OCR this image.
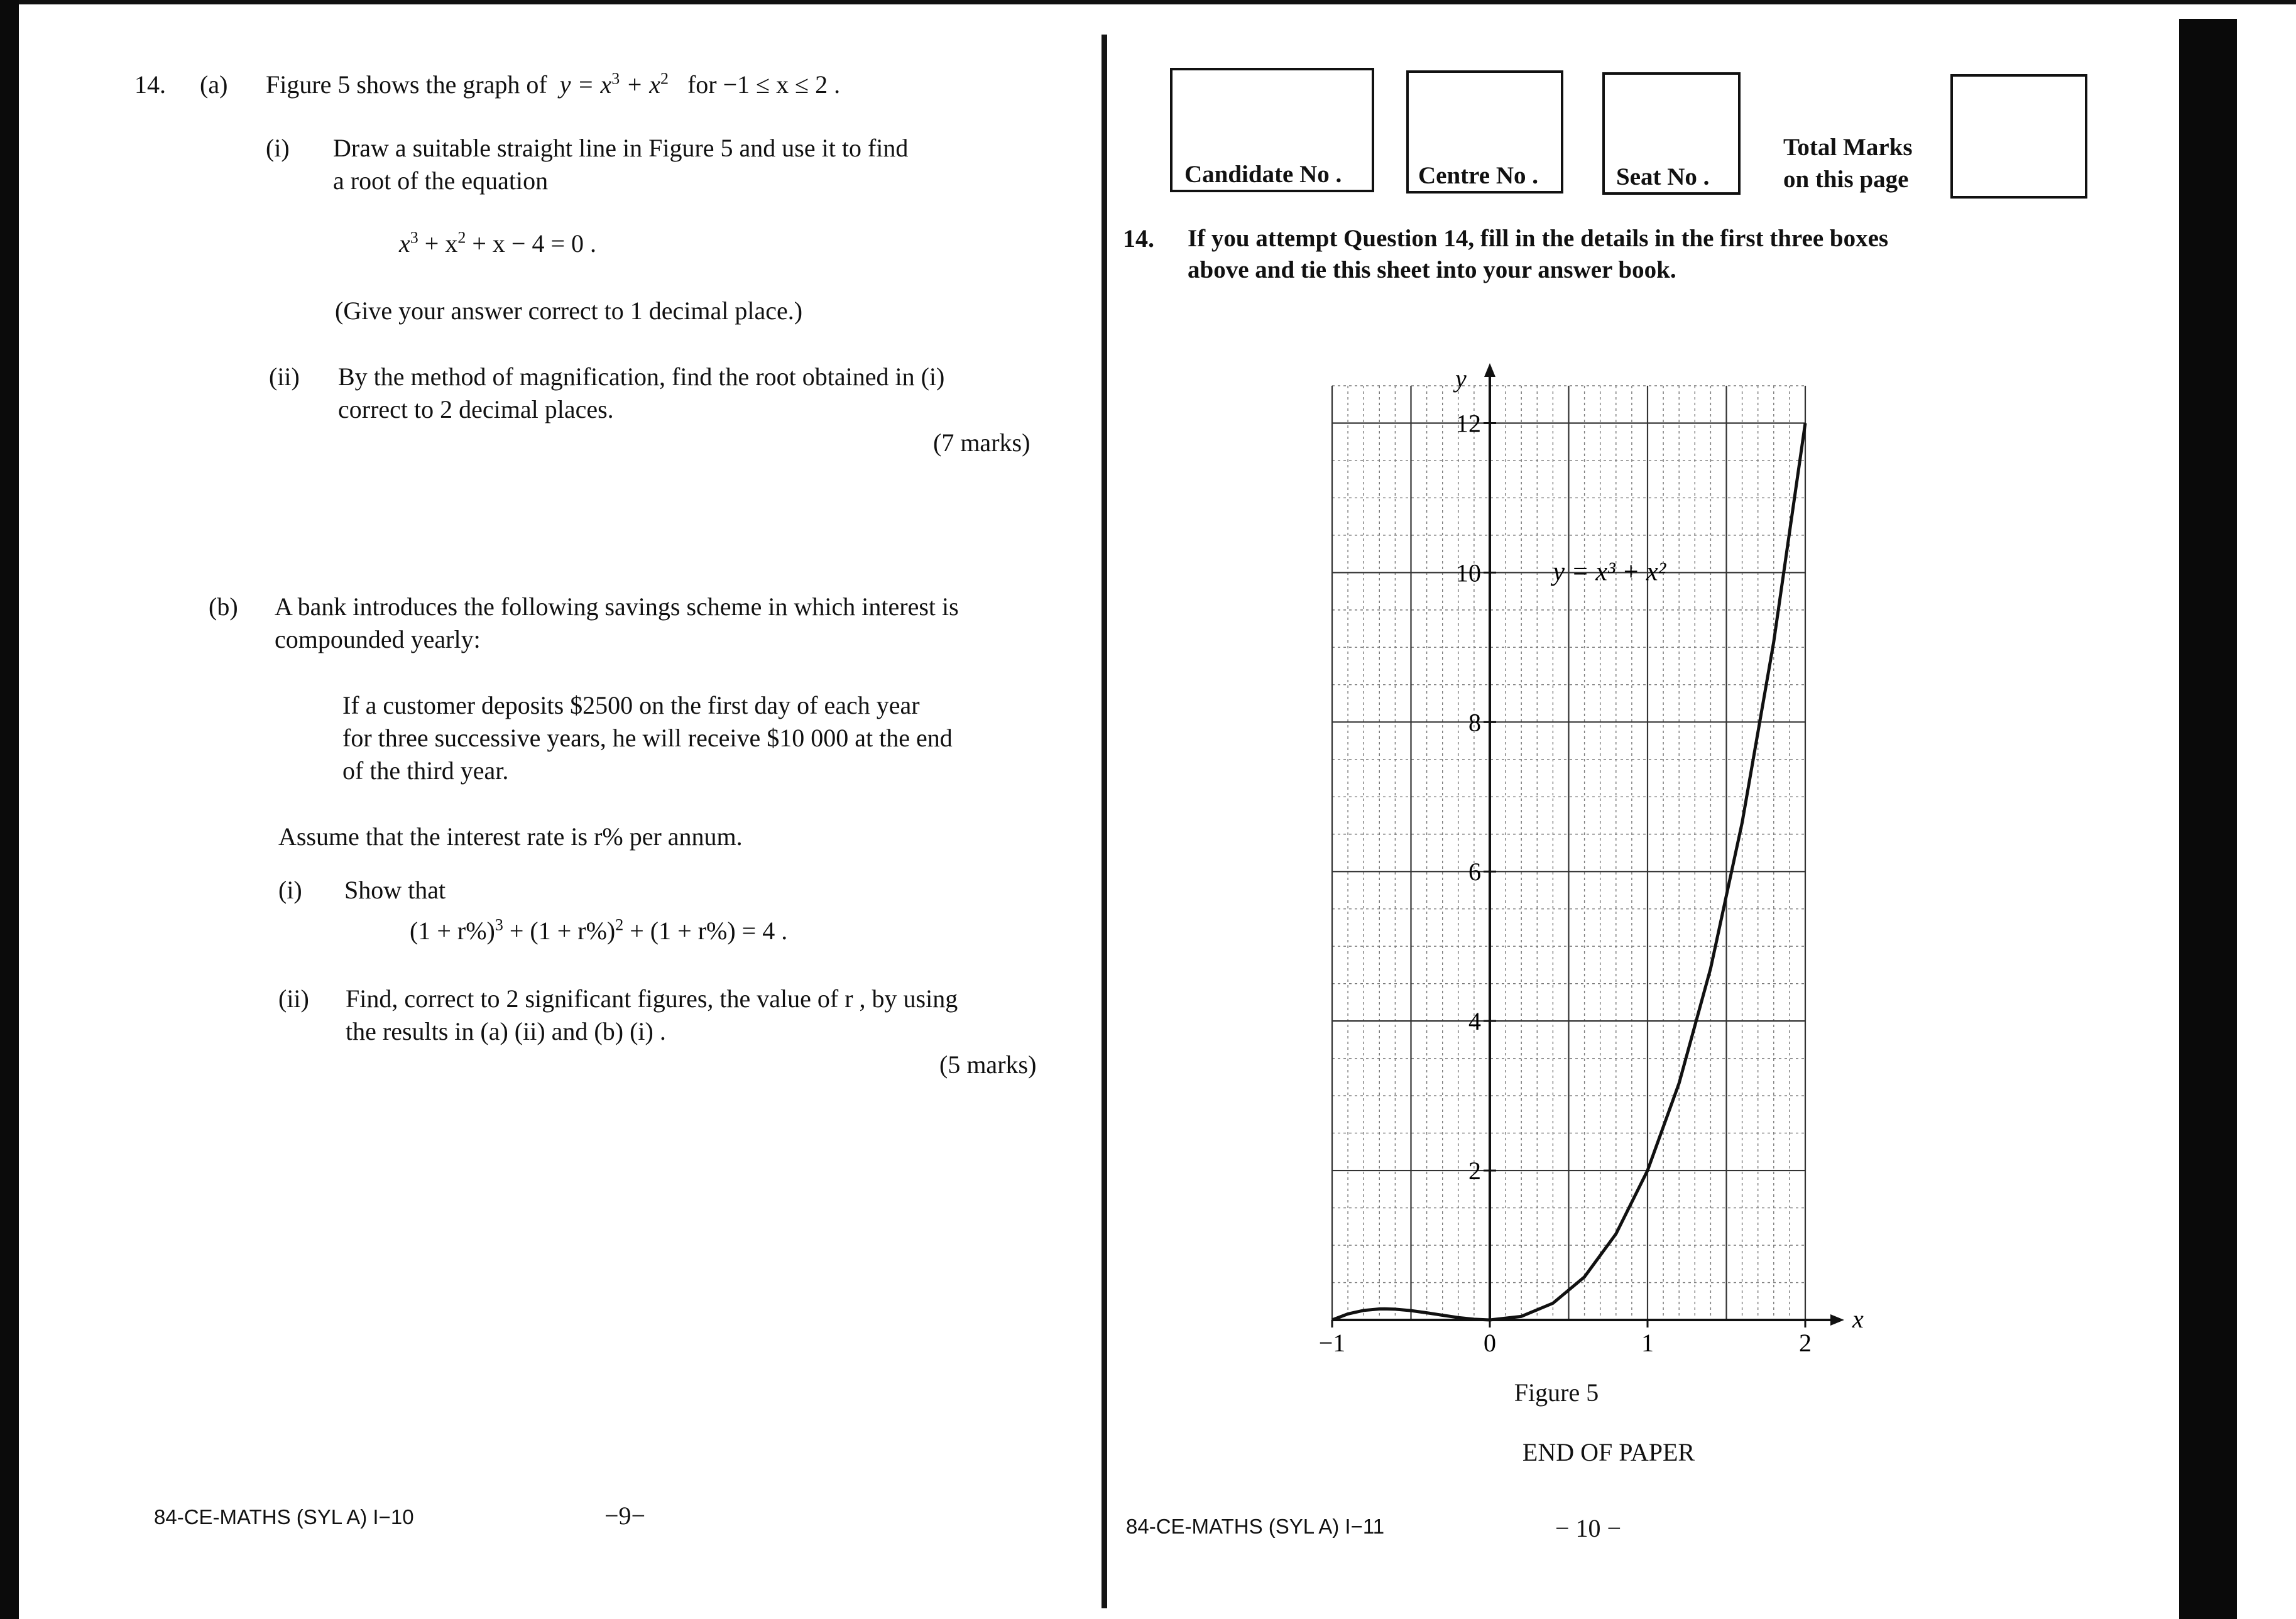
14. (a) Figure 5 shows the graph of $y = x^3 + x^2$ for −1 ≤ x ≤ 2 .
(i) Draw a suitable straight line in Figure 5 and use it to find
a root of the equation
$x^3 + x^2 + x - 4 = 0$ .
(Give your answer correct to 1 decimal place.)
(ii) By the method of magnification, find the root obtained in (i)
correct to 2 decimal places.
(7 marks)
(b) A bank introduces the following savings scheme in which interest is
compounded yearly:
If a customer deposits $2500 on the first day of each year
for three successive years, he will receive $10 000 at the end
of the third year.
Assume that the interest rate is r% per annum.
(i) Show that
$(1 + r\%)^3 + (1 + r\%)^2 + (1 + r\%) = 4$ .
(ii) Find, correct to 2 significant figures, the value of r , by using
the results in (a) (ii) and (b) (i) .
(5 marks)
84-CE-MATHS (SYL A) I−10	−9−
Candidate No .	Centre No .	Seat No .
Total Marks
on this page
14. If you attempt Question 14, fill in the details in the first three boxes
above and tie this sheet into your answer book.
−1	0	1	2
2
4
6
8
10
12
y = x³ + x²
x
y
Figure 5
END OF PAPER
84-CE-MATHS (SYL A) I−11	− 10 −
